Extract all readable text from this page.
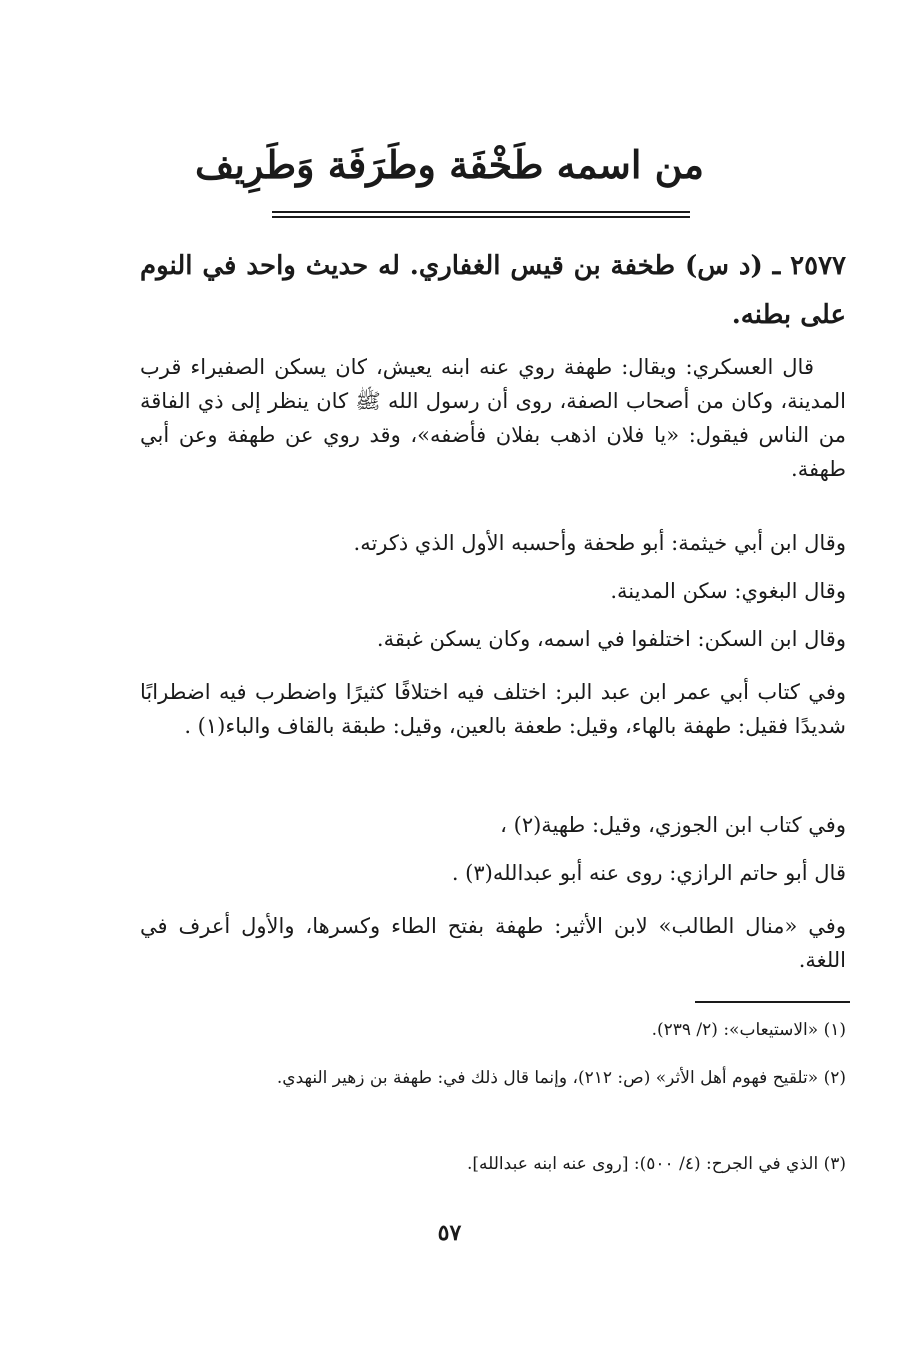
من اسمه طَخْفَة وطَرَفَة وَطَرِيف
٢٥٧٧ ـ (د س) طخفة بن قيس الغفاري. له حديث واحد في النوم على بطنه.
قال العسكري: ويقال: طهفة روي عنه ابنه يعيش، كان يسكن الصفيراء قرب المدينة، وكان من أصحاب الصفة، روى أن رسول الله ﷺ كان ينظر إلى ذي الفاقة من الناس فيقول: «يا فلان اذهب بفلان فأضفه»، وقد روي عن طهفة وعن أبي طهفة.
وقال ابن أبي خيثمة: أبو طحفة وأحسبه الأول الذي ذكرته.
وقال البغوي: سكن المدينة.
وقال ابن السكن: اختلفوا في اسمه، وكان يسكن غبقة.
وفي كتاب أبي عمر ابن عبد البر: اختلف فيه اختلافًا كثيرًا واضطرب فيه اضطرابًا شديدًا فقيل: طهفة بالهاء، وقيل: طعفة بالعين، وقيل: طبقة بالقاف والباء(١) .
وفي كتاب ابن الجوزي، وقيل: طهية(٢) ،
قال أبو حاتم الرازي: روى عنه أبو عبدالله(٣) .
وفي «منال الطالب» لابن الأثير: طهفة بفتح الطاء وكسرها، والأول أعرف في اللغة.
(١) «الاستيعاب»: (٢/ ٢٣٩).
(٢) «تلقيح فهوم أهل الأثر» (ص: ٢١٢)، وإنما قال ذلك في: طهفة بن زهير النهدي.
(٣) الذي في الجرح: (٤/ ٥٠٠): [روى عنه ابنه عبدالله].
٥٧
